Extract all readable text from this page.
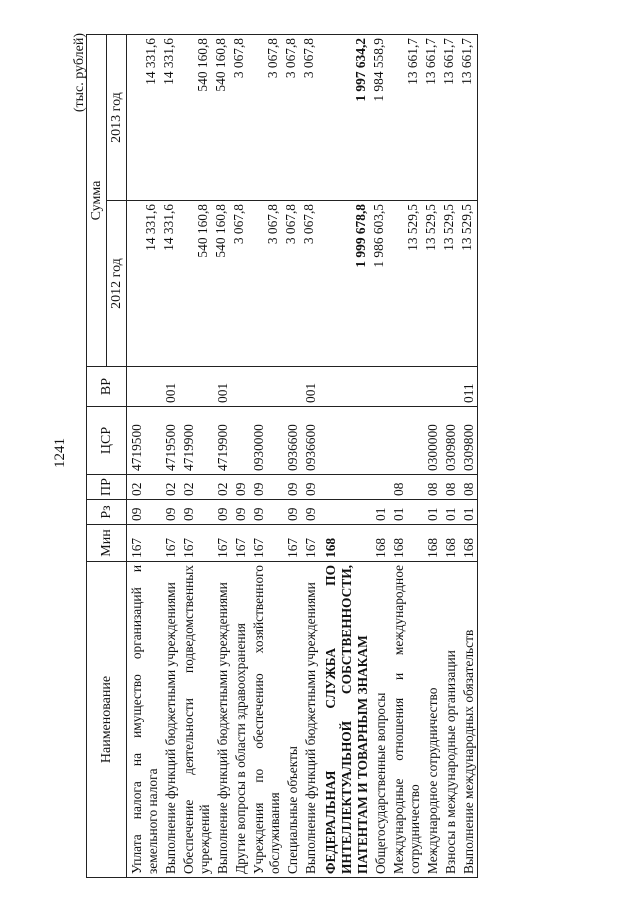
1241
(тыс. рублей)
Наименование	Мин	Рз	ПР	ЦСР	ВР	Сумма	
						2012 год	2013 год
Уплата налога на имущество организаций и земельного налога	167	09	02	4719500		14 331,6	14 331,6
Выполнение функций бюджетными учреждениями	167	09	02	4719500	001	14 331,6	14 331,6
Обеспечение деятельности подведомственных учреждений	167	09	02	4719900		540 160,8	540 160,8
Выполнение функций бюджетными учреждениями	167	09	02	4719900	001	540 160,8	540 160,8
Другие вопросы в области здравоохранения	167	09	09			3 067,8	3 067,8
Учреждения по обеспечению хозяйственного обслуживания	167	09	09	0930000		3 067,8	3 067,8
Специальные объекты	167	09	09	0936600		3 067,8	3 067,8
Выполнение функций бюджетными учреждениями	167	09	09	0936600	001	3 067,8	3 067,8
ФЕДЕРАЛЬНАЯ СЛУЖБА ПО ИНТЕЛЛЕКТУАЛЬНОЙ СОБСТВЕННОСТИ, ПАТЕНТАМ И ТОВАРНЫМ ЗНАКАМ	168					1 999 678,8	1 997 634,2
Общегосударственные вопросы	168	01				1 986 603,5	1 984 558,9
Международные отношения и международное сотрудничество	168	01	08			13 529,5	13 661,7
Международное сотрудничество	168	01	08	0300000		13 529,5	13 661,7
Взносы в международные организации	168	01	08	0309800		13 529,5	13 661,7
Выполнение международных обязательств	168	01	08	0309800	011	13 529,5	13 661,7
